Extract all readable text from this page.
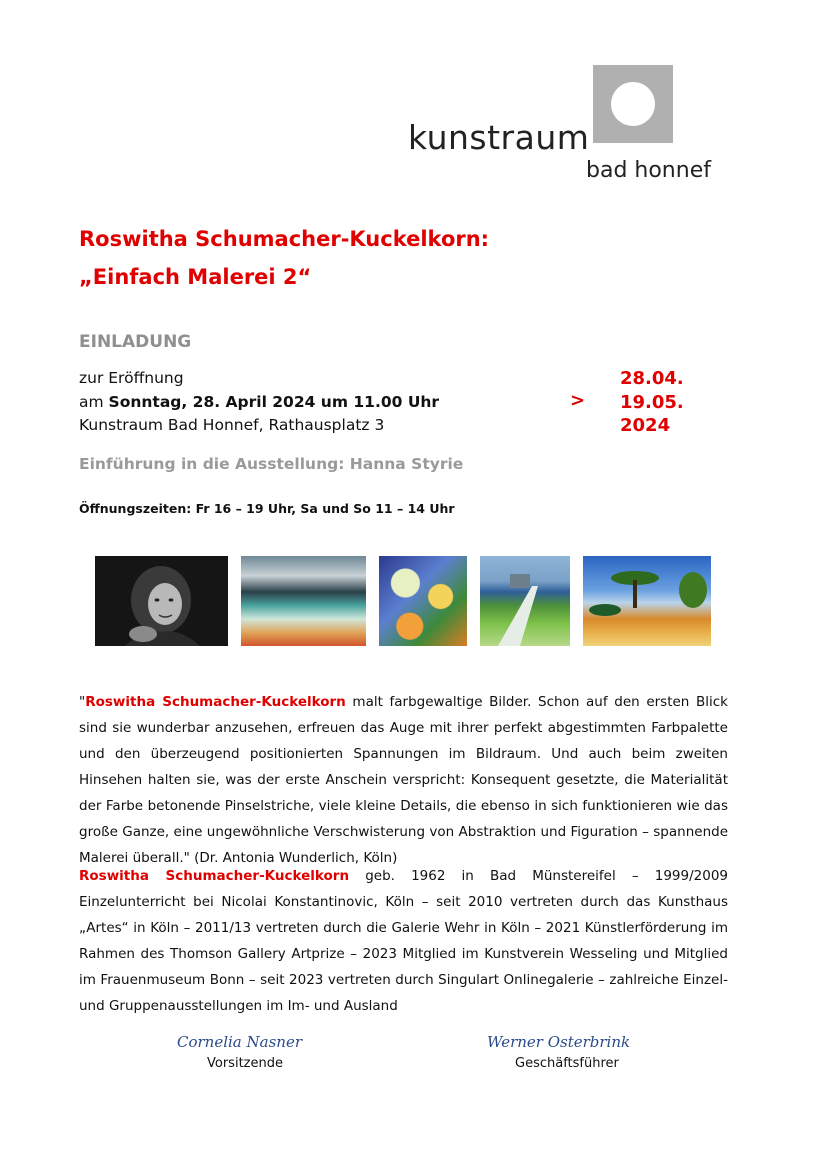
kunstraum
bad honnef
Roswitha Schumacher-Kuckelkorn:
„Einfach Malerei 2“
EINLADUNG
zur Eröffnung
am Sonntag, 28. April 2024 um 11.00 Uhr
Kunstraum Bad Honnef, Rathausplatz 3
28.04.
> 19.05.
2024
Einführung in die Ausstellung: Hanna Styrie
Öffnungszeiten: Fr 16 – 19 Uhr, Sa und So 11 – 14 Uhr
"Roswitha Schumacher-Kuckelkorn malt farbgewaltige Bilder. Schon auf den ersten Blick sind sie wunderbar anzusehen, erfreuen das Auge mit ihrer perfekt abgestimmten Farbpalette und den überzeugend positionierten Spannungen im Bildraum. Und auch beim zweiten Hinsehen halten sie, was der erste Anschein verspricht: Konsequent gesetzte, die Materialität der Farbe betonende Pinselstriche, viele kleine Details, die ebenso in sich funktionieren wie das große Ganze, eine ungewöhnliche Verschwisterung von Abstraktion und Figuration – spannende Malerei überall." (Dr. Antonia Wunderlich, Köln)
Roswitha Schumacher-Kuckelkorn geb. 1962 in Bad Münstereifel – 1999/2009 Einzelunterricht bei Nicolai Konstantinovic, Köln – seit 2010 vertreten durch das Kunsthaus „Artes“ in Köln – 2011/13 vertreten durch die Galerie Wehr in Köln – 2021 Künstlerförderung im Rahmen des Thomson Gallery Artprize – 2023 Mitglied im Kunstverein Wesseling und Mitglied im Frauenmuseum Bonn – seit 2023 vertreten durch Singulart Onlinegalerie – zahlreiche Einzel- und Gruppenausstellungen im Im- und Ausland
Cornelia Nasner
Vorsitzende
Werner Osterbrink
Geschäftsführer
